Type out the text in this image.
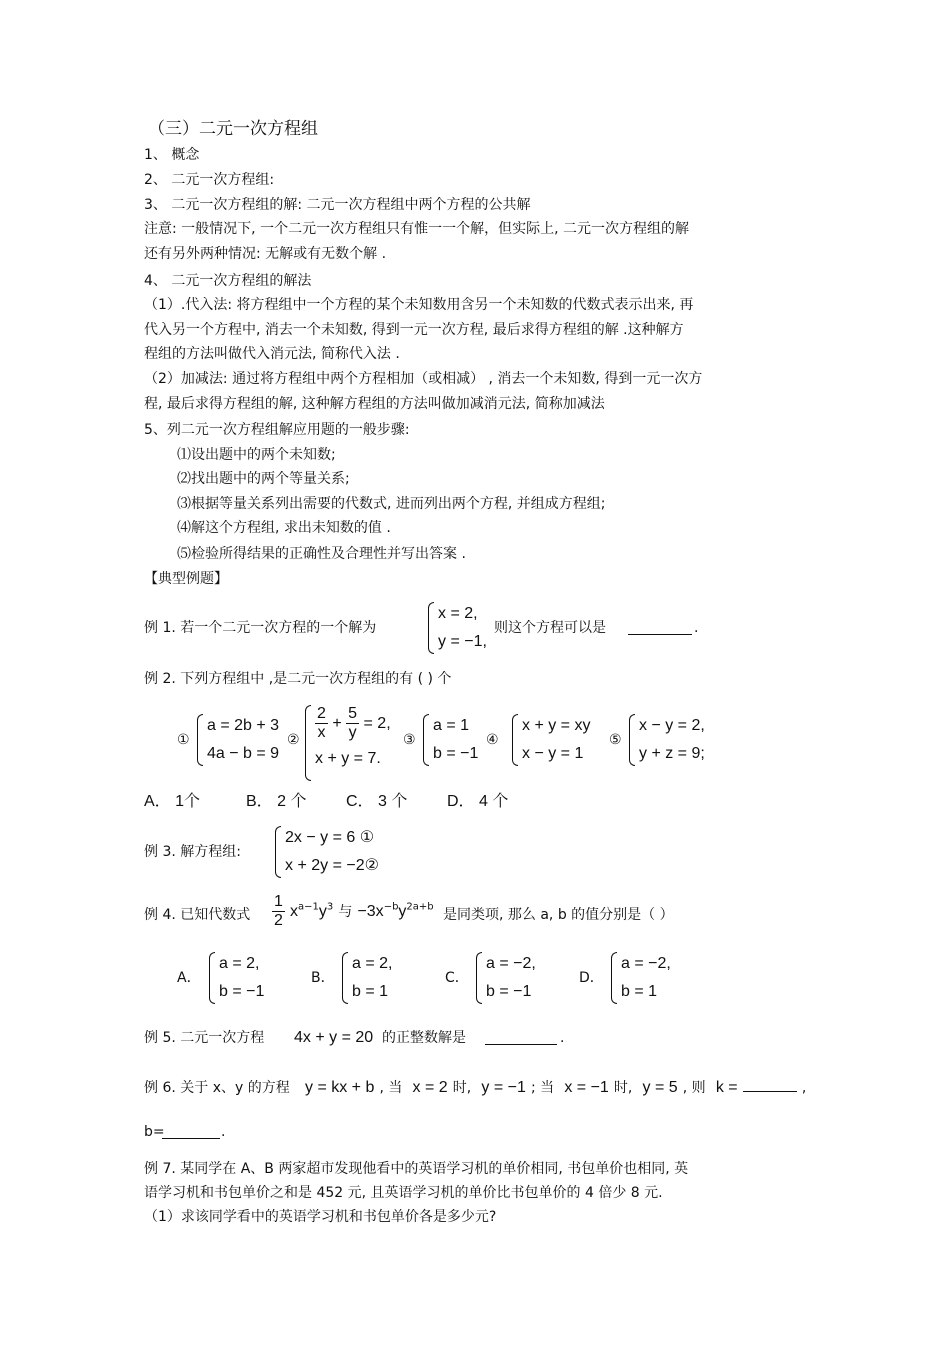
（三）二元一次方程组
1、 概念
2、 二元一次方程组:
3、 二元一次方程组的解: 二元一次方程组中两个方程的公共解
注意: 一般情况下, 一个二元一次方程组只有惟一一个解，但实际上, 二元一次方程组的解
还有另外两种情况: 无解或有无数个解 .
4、 二元一次方程组的解法
（1）.代入法: 将方程组中一个方程的某个未知数用含另一个未知数的代数式表示出来, 再
代入另一个方程中, 消去一个未知数, 得到一元一次方程, 最后求得方程组的解 .这种解方
程组的方法叫做代入消元法, 简称代入法 .
（2）加减法: 通过将方程组中两个方程相加（或相减） , 消去一个未知数, 得到一元一次方
程, 最后求得方程组的解, 这种解方程组的方法叫做加减消元法, 简称加减法
5、列二元一次方程组解应用题的一般步骤:
⑴设出题中的两个未知数;
⑵找出题中的两个等量关系;
⑶根据等量关系列出需要的代数式, 进而列出两个方程, 并组成方程组;
⑷解这个方程组, 求出未知数的值 .
⑸检验所得结果的正确性及合理性并写出答案 .
【典型例题】
例 1. 若一个二元一次方程的一个解为
x = 2,
y = −1,
则这个方程可以是	.
例 2. 下列方程组中 ,是二元一次方程组的有 ( ) 个
①
a = 2b + 3
4a − b = 9
② $\frac{2}{x} + \frac{5}{y} = 2$,
x + y = 7.
③
a = 1
b = −1
④
x + y = xy
x − y = 1
⑤
x − y = 2,
y + z = 9;
A． 1个	B． 2 个 C． 3 个 D． 4 个
例 3. 解方程组:
2x − y = 6 ①
x + 2y = −2②
例 4. 已知代数式 $\frac{1}{2} x^{a-1}y^3$ 与 $-3x^{-b}y^{2a+b}$ 是同类项, 那么 a, b 的值分别是（ ）
A．
a = 2,
b = −1
B．
a = 2,
b = 1
C．
a = −2,
b = −1
D．
a = −2,
b = 1
例 5. 二元一次方程 4x + y = 20 的正整数解是	.
例 6. 关于 x、y 的方程 y = kx + b , 当 x = 2 时, y = −1 ; 当 x = −1 时, y = 5 , 则 k =	,
b=	.
例 7. 某同学在 A、B 两家超市发现他看中的英语学习机的单价相同, 书包单价也相同, 英
语学习机和书包单价之和是 452 元, 且英语学习机的单价比书包单价的 4 倍少 8 元.
（1）求该同学看中的英语学习机和书包单价各是多少元?
